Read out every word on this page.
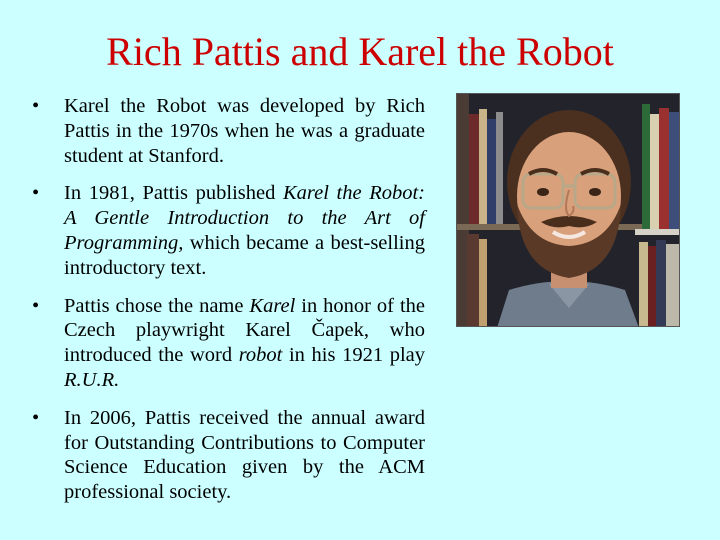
Rich Pattis and Karel the Robot
• Karel the Robot was developed by Rich Pattis in the 1970s when he was a graduate student at Stanford.
• In 1981, Pattis published Karel the Robot: A Gentle Introduction to the Art of Programming, which became a best-selling introductory text.
• Pattis chose the name Karel in honor of the Czech playwright Karel Čapek, who introduced the word robot in his 1921 play R.U.R.
• In 2006, Pattis received the annual award for Outstanding Contributions to Computer Science Education given by the ACM professional society.
